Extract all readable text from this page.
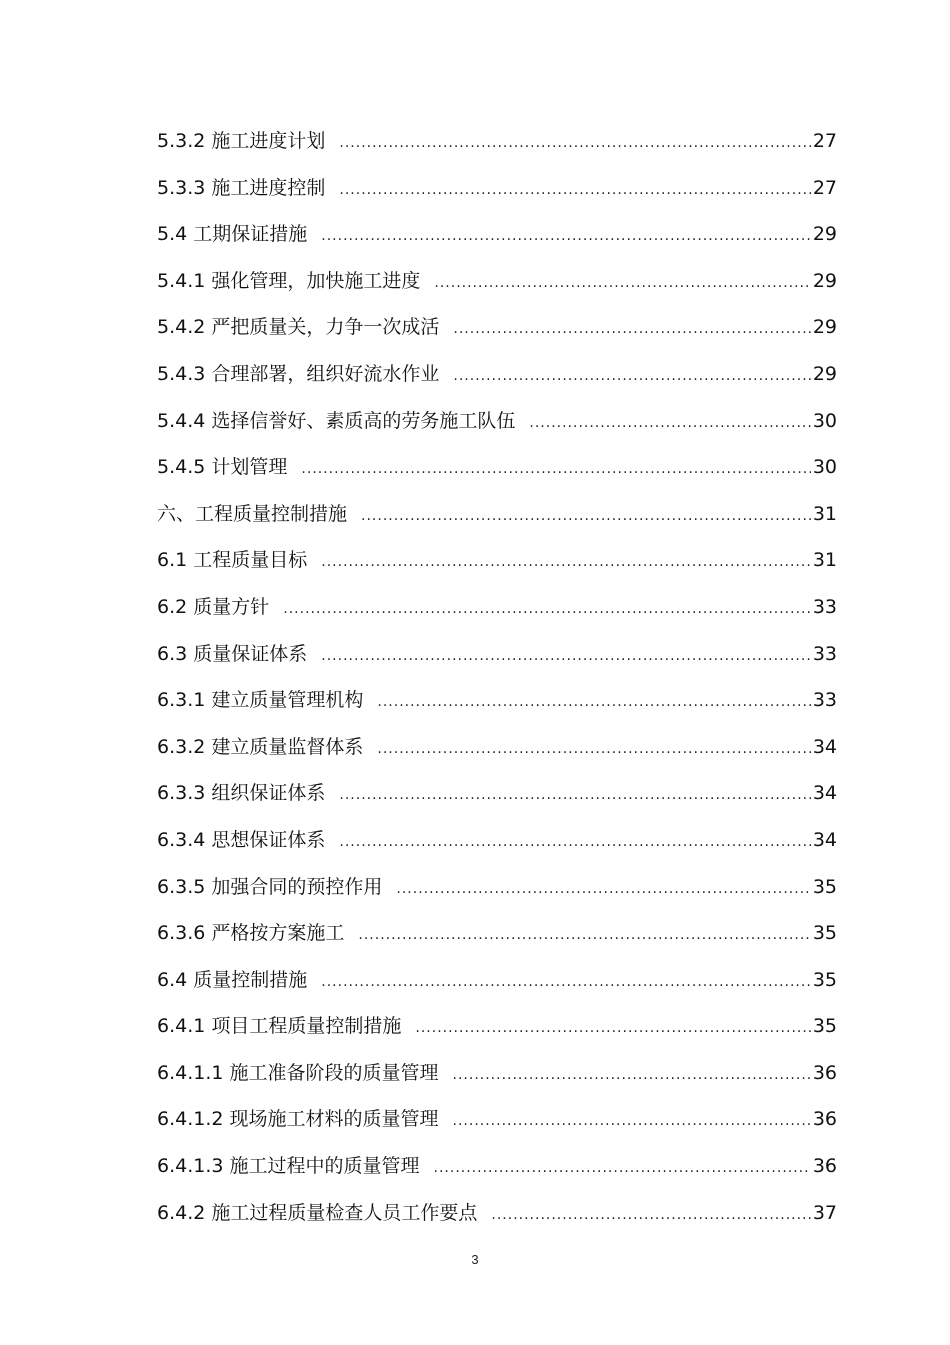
5.3.2 施工进度计划 .....	27
5.3.3 施工进度控制 .....	27
5.4 工期保证措施 .....	29
5.4.1 强化管理，加快施工进度 .....	29
5.4.2 严把质量关，力争一次成活 .....	29
5.4.3 合理部署，组织好流水作业 .....	29
5.4.4 选择信誉好、素质高的劳务施工队伍 .....	30
5.4.5 计划管理 .....	30
六、工程质量控制措施 .....	31
6.1 工程质量目标 .....	31
6.2 质量方针 .....	33
6.3 质量保证体系 .....	33
6.3.1 建立质量管理机构 .....	33
6.3.2 建立质量监督体系 .....	34
6.3.3 组织保证体系 .....	34
6.3.4 思想保证体系 .....	34
6.3.5 加强合同的预控作用 .....	35
6.3.6 严格按方案施工 .....	35
6.4 质量控制措施 .....	35
6.4.1 项目工程质量控制措施 .....	35
6.4.1.1 施工准备阶段的质量管理 .....	36
6.4.1.2 现场施工材料的质量管理 .....	36
6.4.1.3 施工过程中的质量管理 .....	36
6.4.2 施工过程质量检查人员工作要点 .....	37
3
